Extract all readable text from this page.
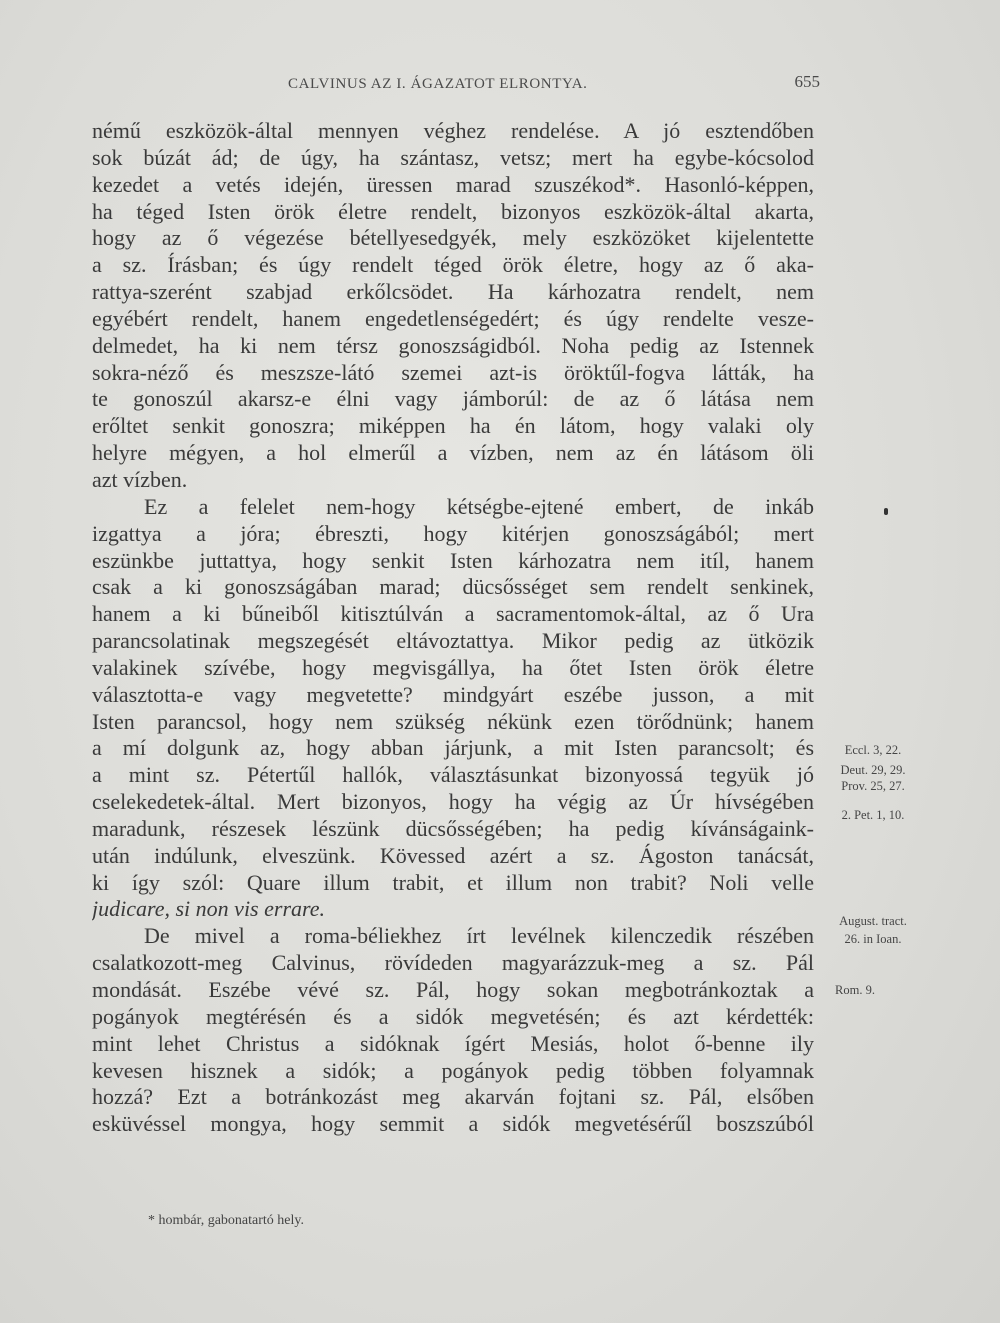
CALVINUS AZ I. ÁGAZATOT ELRONTYA.	655
némű eszközök-által mennyen véghez rendelése. A jó esztendőben
sok búzát ád; de úgy, ha szántasz, vetsz; mert ha egybe-kócsolod
kezedet a vetés idején, üressen marad szuszékod*. Hasonló-képpen,
ha téged Isten örök életre rendelt, bizonyos eszközök-által akarta,
hogy az ő végezése bétellyesedgyék, mely eszközöket kijelentette
a sz. Írásban; és úgy rendelt téged örök életre, hogy az ő aka-
rattya-szerént szabjad erkőlcsödet. Ha kárhozatra rendelt, nem
egyébért rendelt, hanem engedetlenségedért; és úgy rendelte vesze-
delmedet, ha ki nem térsz gonoszságidból. Noha pedig az Istennek
sokra-néző és meszsze-látó szemei azt-is öröktűl-fogva látták, ha
te gonoszúl akarsz-e élni vagy jámborúl: de az ő látása nem
erőltet senkit gonoszra; miképpen ha én látom, hogy valaki oly
helyre mégyen, a hol elmerűl a vízben, nem az én látásom öli
azt vízben.
Ez a felelet nem-hogy kétségbe-ejtené embert, de inkáb
izgattya a jóra; ébreszti, hogy kitérjen gonoszságából; mert
eszünkbe juttattya, hogy senkit Isten kárhozatra nem itíl, hanem
csak a ki gonoszságában marad; dücsősséget sem rendelt senkinek,
hanem a ki bűneiből kitisztúlván a sacramentomok-által, az ő Ura
parancsolatinak megszegését eltávoztattya. Mikor pedig az ütközik
valakinek szívébe, hogy megvisgállya, ha őtet Isten örök életre
választotta-e vagy megvetette? mindgyárt eszébe jusson, a mit
Isten parancsol, hogy nem szükség nékünk ezen törődnünk; hanem
a mí dolgunk az, hogy abban járjunk, a mit Isten parancsolt; és
a mint sz. Pétertűl hallók, választásunkat bizonyossá tegyük jó
cselekedetek-által. Mert bizonyos, hogy ha végig az Úr hívségében
maradunk, részesek lészünk dücsősségében; ha pedig kívánságaink-
után indúlunk, elveszünk. Kövessed azért a sz. Ágoston tanácsát,
ki így szól: Quare illum trabit, et illum non trabit? Noli velle
judicare, si non vis errare.
De mivel a roma-béliekhez írt levélnek kilenczedik részében
csalatkozott-meg Calvinus, rövídeden magyarázzuk-meg a sz. Pál
mondását. Eszébe vévé sz. Pál, hogy sokan megbotránkoztak a
pogányok megtérésén és a sidók megvetésén; és azt kérdették:
mint lehet Christus a sidóknak ígért Mesiás, holot ő-benne ily
kevesen hisznek a sidók; a pogányok pedig többen folyamnak
hozzá? Ezt a botránkozást meg akarván fojtani sz. Pál, elsőben
esküvéssel mongya, hogy semmit a sidók megvetésérűl boszszúból
Eccl. 3, 22.
Deut. 29, 29.
Prov. 25, 27.
2. Pet. 1, 10.
August. tract.
26. in Ioan.
Rom. 9.
* hombár, gabonatartó hely.
